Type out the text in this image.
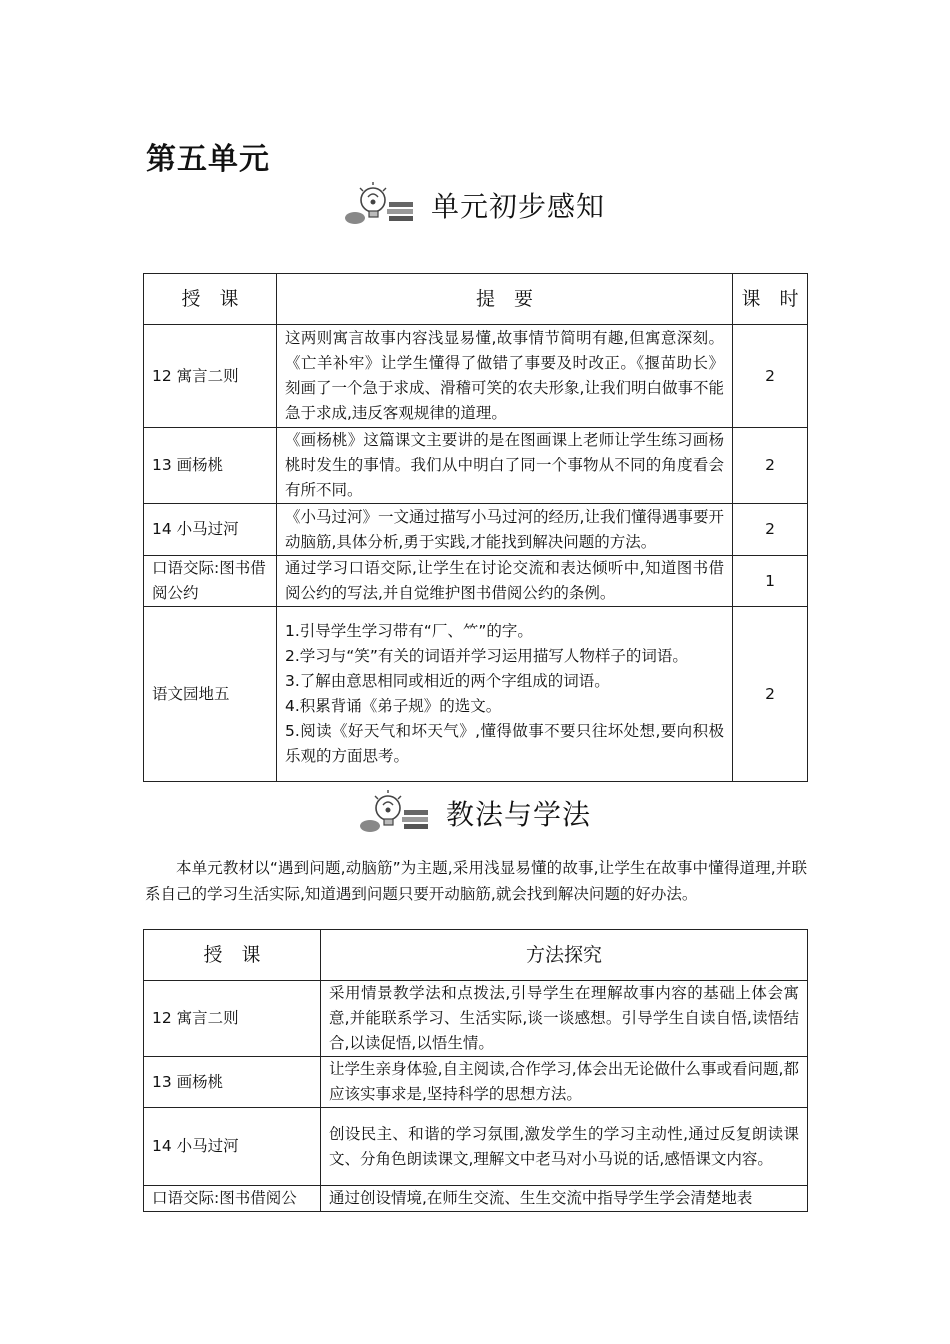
第五单元
单元初步感知
授　课	提　要	课　时
12 寓言二则	这两则寓言故事内容浅显易懂,故事情节简明有趣,但寓意深刻。《亡羊补牢》让学生懂得了做错了事要及时改正。《揠苗助长》刻画了一个急于求成、滑稽可笑的农夫形象,让我们明白做事不能急于求成,违反客观规律的道理。	2
13 画杨桃	《画杨桃》这篇课文主要讲的是在图画课上老师让学生练习画杨桃时发生的事情。我们从中明白了同一个事物从不同的角度看会有所不同。	2
14 小马过河	《小马过河》一文通过描写小马过河的经历,让我们懂得遇事要开动脑筋,具体分析,勇于实践,才能找到解决问题的方法。	2
口语交际:图书借阅公约	通过学习口语交际,让学生在讨论交流和表达倾听中,知道图书借阅公约的写法,并自觉维护图书借阅公约的条例。	1
语文园地五	1.引导学生学习带有“厂、⺮”的字。

2.学习与“笑”有关的词语并学习运用描写人物样子的词语。

3.了解由意思相同或相近的两个字组成的词语。

4.积累背诵《弟子规》的选文。

5.阅读《好天气和坏天气》,懂得做事不要只往坏处想,要向积极乐观的方面思考。	2
教法与学法

本单元教材以“遇到问题,动脑筋”为主题,采用浅显易懂的故事,让学生在故事中懂得道理,并联系自己的学习生活实际,知道遇到问题只要开动脑筋,就会找到解决问题的好办法。

授　课	方法探究
12 寓言二则	采用情景教学法和点拨法,引导学生在理解故事内容的基础上体会寓意,并能联系学习、生活实际,谈一谈感想。引导学生自读自悟,读悟结合,以读促悟,以悟生情。
13 画杨桃	让学生亲身体验,自主阅读,合作学习,体会出无论做什么事或看问题,都应该实事求是,坚持科学的思想方法。
14 小马过河	创设民主、和谐的学习氛围,激发学生的学习主动性,通过反复朗读课文、分角色朗读课文,理解文中老马对小马说的话,感悟课文内容。
口语交际:图书借阅公	通过创设情境,在师生交流、生生交流中指导学生学会清楚地表
